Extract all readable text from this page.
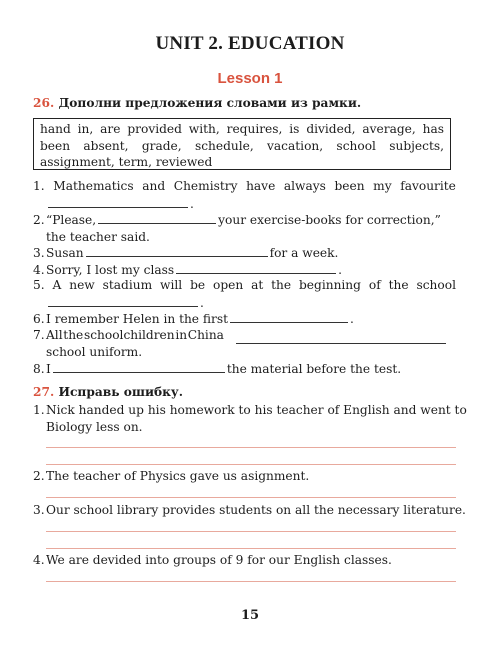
UNIT 2. EDUCATION
Lesson 1
26. Дополни предложения словами из рамки.
hand in, are provided with, requires, is divided, average, has been absent, grade, schedule, vacation, school subjects, assignment, term, reviewed
1. Mathematics and Chemistry have always been my favourite
.
2.“Please,	your exercise-books for correction,”
the teacher said.
3.Susan	for a week.
4.Sorry, I lost my class	.
5. A new stadium will be open at the beginning of the school
.
6.I remember Helen in the first	.
7. All the schoolchildren in China
school uniform.
8.I	the material before the test.
27. Исправь ошибку.
1.Nick handed up his homework to his teacher of English and went to
Biology less on.
2.The teacher of Physics gave us asignment.
3.Our school library provides students on all the necessary literature.
4.We are devided into groups of 9 for our English classes.
15
